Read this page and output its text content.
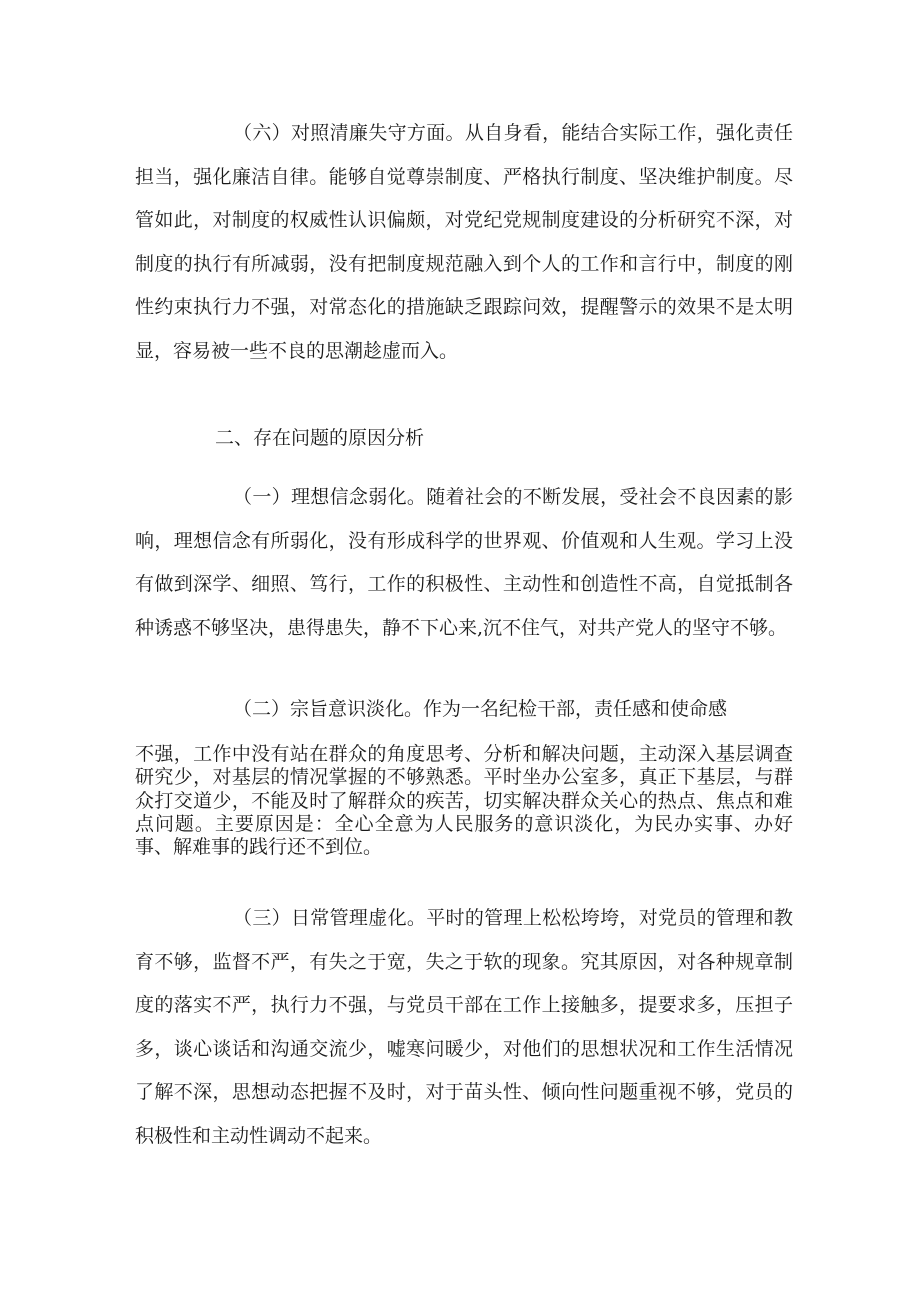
（六）对照清廉失守方面。从自身看，能结合实际工作，强化责任担当，强化廉洁自律。能够自觉尊崇制度、严格执行制度、坚决维护制度。尽管如此，对制度的权威性认识偏颇，对党纪党规制度建设的分析研究不深，对制度的执行有所减弱，没有把制度规范融入到个人的工作和言行中，制度的刚性约束执行力不强，对常态化的措施缺乏跟踪问效，提醒警示的效果不是太明显，容易被一些不良的思潮趁虚而入。

二、存在问题的原因分析

（一）理想信念弱化。随着社会的不断发展，受社会不良因素的影响，理想信念有所弱化，没有形成科学的世界观、价值观和人生观。学习上没有做到深学、细照、笃行，工作的积极性、主动性和创造性不高，自觉抵制各种诱惑不够坚决，患得患失，静不下心来,沉不住气，对共产党人的坚守不够。

（二）宗旨意识淡化。作为一名纪检干部，责任感和使命感

不强，工作中没有站在群众的角度思考、分析和解决问题，主动深入基层调查研究少，对基层的情况掌握的不够熟悉。平时坐办公室多，真正下基层，与群众打交道少，不能及时了解群众的疾苦，切实解决群众关心的热点、焦点和难点问题。主要原因是：全心全意为人民服务的意识淡化，为民办实事、办好事、解难事的践行还不到位。

（三）日常管理虚化。平时的管理上松松垮垮，对党员的管理和教育不够，监督不严，有失之于宽，失之于软的现象。究其原因，对各种规章制度的落实不严，执行力不强，与党员干部在工作上接触多，提要求多，压担子多，谈心谈话和沟通交流少，嘘寒问暖少，对他们的思想状况和工作生活情况了解不深，思想动态把握不及时，对于苗头性、倾向性问题重视不够，党员的积极性和主动性调动不起来。
